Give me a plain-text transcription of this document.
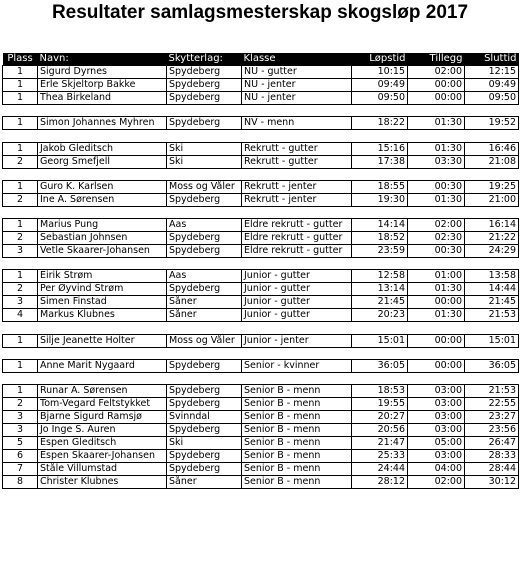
Resultater samlagsmesterskap skogsløp 2017
Plass	Navn:	Skytterlag:	Klasse	Løpstid	Tillegg	Sluttid
1	Sigurd Dyrnes	Spydeberg	NU - gutter	10:15	02:00	12:15
1	Erle Skjeltorp Bakke	Spydeberg	NU - jenter	09:49	00:00	09:49
1	Thea Birkeland	Spydeberg	NU - jenter	09:50	00:00	09:50

1	Simon Johannes Myhren	Spydeberg	NV - menn	18:22	01:30	19:52

1	Jakob Gleditsch	Ski	Rekrutt - gutter	15:16	01:30	16:46
2	Georg Smefjell	Ski	Rekrutt - gutter	17:38	03:30	21:08

1	Guro K. Karlsen	Moss og Våler	Rekrutt - jenter	18:55	00:30	19:25
2	Ine A. Sørensen	Spydeberg	Rekrutt - jenter	19:30	01:30	21:00

1	Marius Pung	Aas	Eldre rekrutt - gutter	14:14	02:00	16:14
2	Sebastian Johnsen	Spydeberg	Eldre rekrutt - gutter	18:52	02:30	21:22
3	Vetle Skaarer-Johansen	Spydeberg	Eldre rekrutt - gutter	23:59	00:30	24:29

1	Eirik Strøm	Aas	Junior - gutter	12:58	01:00	13:58
2	Per Øyvind Strøm	Spydeberg	Junior - gutter	13:14	01:30	14:44
3	Simen Finstad	Såner	Junior - gutter	21:45	00:00	21:45
4	Markus Klubnes	Såner	Junior - gutter	20:23	01:30	21:53

1	Silje Jeanette Holter	Moss og Våler	Junior - jenter	15:01	00:00	15:01

1	Anne Marit Nygaard	Spydeberg	Senior - kvinner	36:05	00:00	36:05

1	Runar A. Sørensen	Spydeberg	Senior B - menn	18:53	03:00	21:53
2	Tom-Vegard Feltstykket	Spydeberg	Senior B - menn	19:55	03:00	22:55
3	Bjarne Sigurd Ramsjø	Svinndal	Senior B - menn	20:27	03:00	23:27
3	Jo Inge S. Auren	Spydeberg	Senior B - menn	20:56	03:00	23:56
5	Espen Gleditsch	Ski	Senior B - menn	21:47	05:00	26:47
6	Espen Skaarer-Johansen	Spydeberg	Senior B - menn	25:33	03:00	28:33
7	Ståle Villumstad	Spydeberg	Senior B - menn	24:44	04:00	28:44
8	Christer Klubnes	Såner	Senior B - menn	28:12	02:00	30:12
